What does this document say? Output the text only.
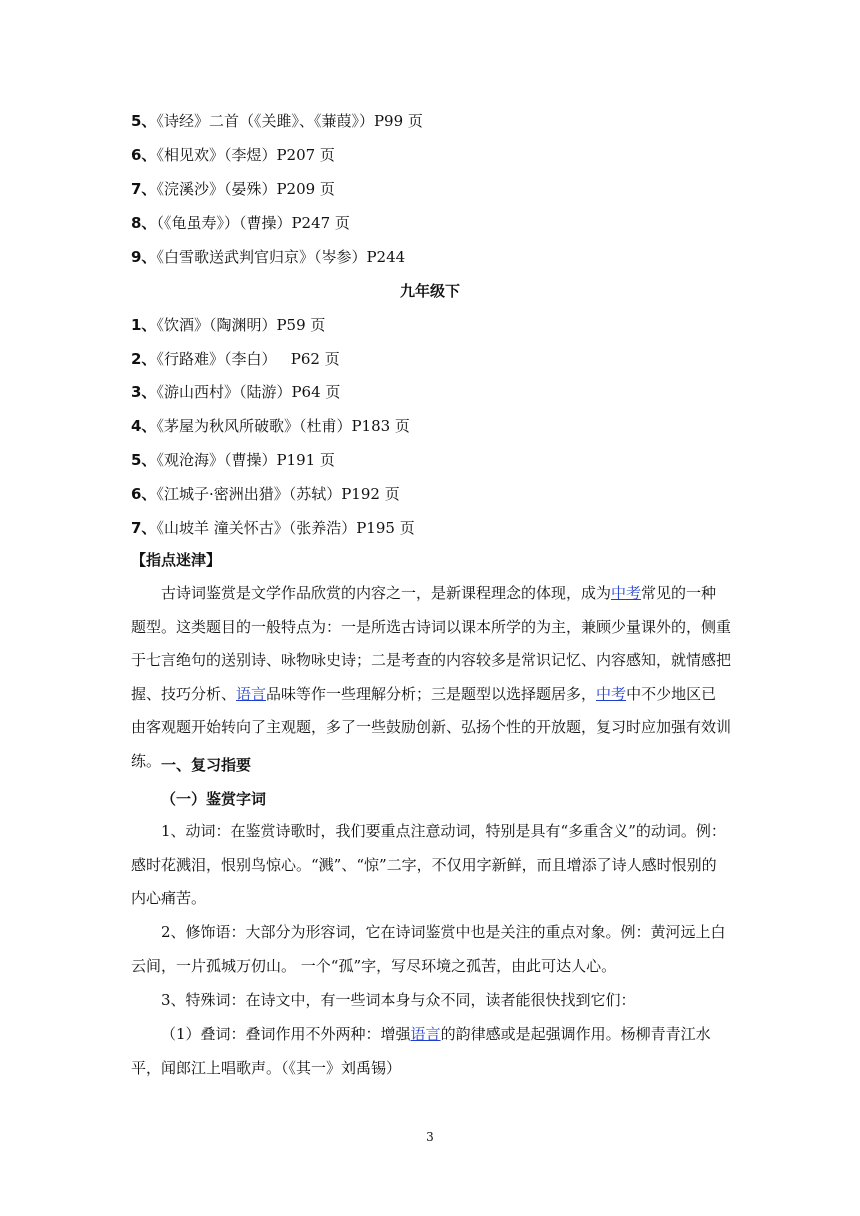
5、《诗经》二首（《关雎》、《蒹葭》）P99 页
6、《相见欢》（李煜）P207 页
7、《浣溪沙》（晏殊）P209 页
8、（《龟虽寿》）（曹操）P247 页
9、《白雪歌送武判官归京》（岑参）P244
九年级下
1、《饮酒》（陶渊明）P59 页
2、《行路难》（李白）   P62 页
3、《游山西村》（陆游）P64 页
4、《茅屋为秋风所破歌》（杜甫）P183 页
5、《观沧海》（曹操）P191 页
6、《江城子·密洲出猎》（苏轼）P192 页
7、《山坡羊 潼关怀古》（张养浩）P195 页
【指点迷津】
古诗词鉴赏是文学作品欣赏的内容之一，是新课程理念的体现，成为中考常见的一种题型。这类题目的一般特点为：一是所选古诗词以课本所学的为主，兼顾少量课外的，侧重于七言绝句的送别诗、咏物咏史诗；二是考查的内容较多是常识记忆、内容感知，就情感把握、技巧分析、语言品味等作一些理解分析；三是题型以选择题居多，中考中不少地区已由客观题开始转向了主观题，多了一些鼓励创新、弘扬个性的开放题，复习时应加强有效训练。 一、复习指要
（一）鉴赏字词
1、动词：在鉴赏诗歌时，我们要重点注意动词，特别是具有“多重含义”的动词。例：感时花溅泪，恨别鸟惊心。“溅”、“惊”二字，不仅用字新鲜，而且增添了诗人感时恨别的内心痛苦。
2、修饰语：大部分为形容词，它在诗词鉴赏中也是关注的重点对象。例：黄河远上白云间，一片孤城万仞山。 一个“孤”字，写尽环境之孤苦，由此可达人心。
3、特殊词：在诗文中，有一些词本身与众不同，读者能很快找到它们：
（1）叠词：叠词作用不外两种：增强语言的韵律感或是起强调作用。杨柳青青江水平，闻郎江上唱歌声。（《其一》刘禹锡）
3
